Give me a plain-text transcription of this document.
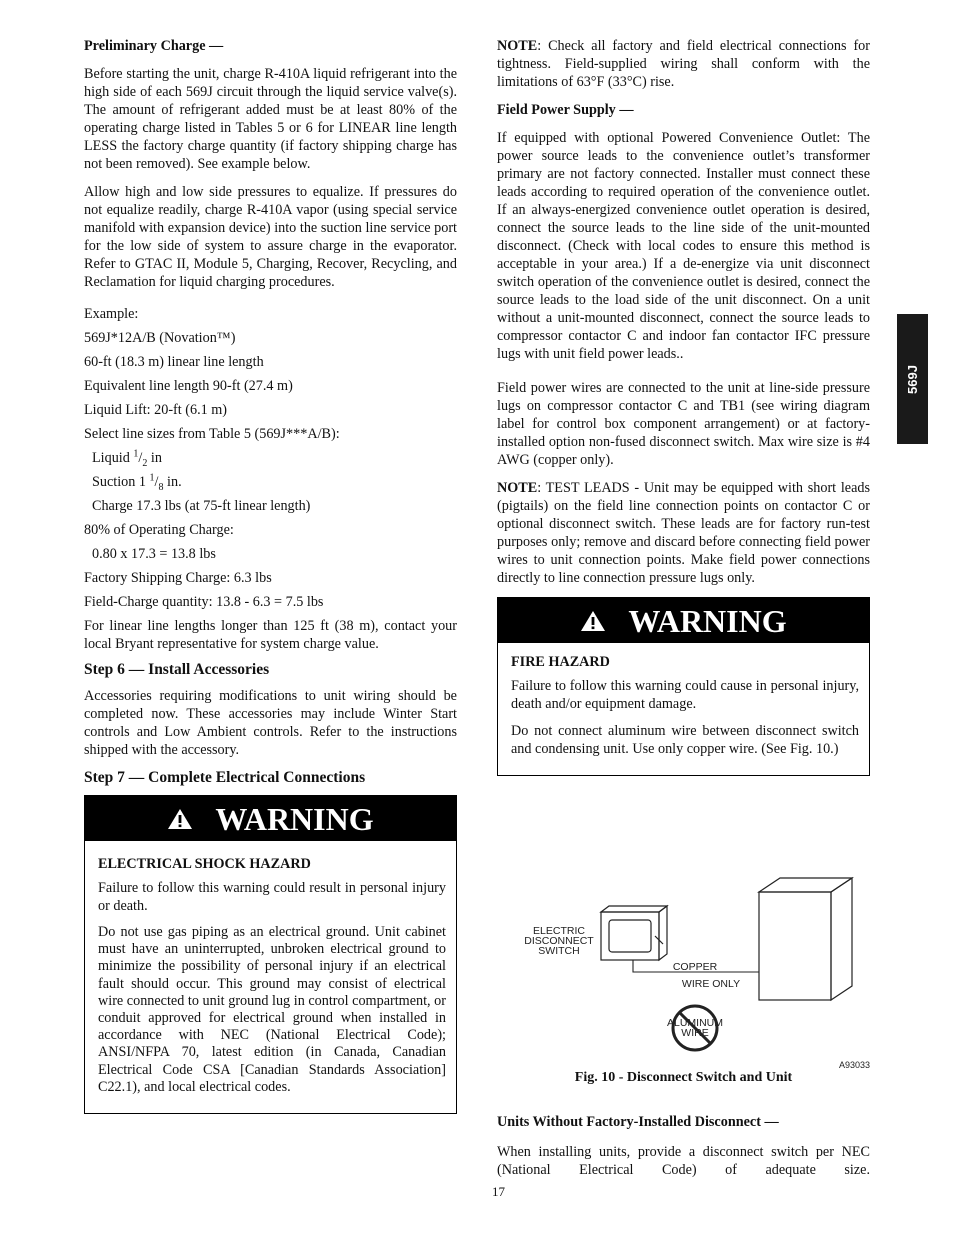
Preliminary Charge —

Before starting the unit, charge R-410A liquid refrigerant into the high side of each 569J circuit through the liquid service valve(s). The amount of refrigerant added must be at least 80% of the operating charge listed in Tables 5 or 6 for LINEAR line length LESS the factory charge quantity (if factory shipping charge has not been removed). See example below.

Allow high and low side pressures to equalize. If pressures do not equalize readily, charge R-410A vapor (using special service manifold with expansion device) into the suction line service port for the low side of system to assure charge in the evaporator. Refer to GTAC II, Module 5, Charging, Recover, Recycling, and Reclamation for liquid charging procedures.

Example:

569J*12A/B (Novation™)

60-ft (18.3 m) linear line length

Equivalent line length 90-ft (27.4 m)

Liquid Lift: 20-ft (6.1 m)

Select line sizes from Table 5 (569J***A/B):

Liquid $^1/_2$ in

Suction 1 $^1/_8$ in.

Charge 17.3 lbs (at 75-ft linear length)

80% of Operating Charge:

0.80 x 17.3 = 13.8 lbs

Factory Shipping Charge: 6.3 lbs

Field-Charge quantity: 13.8 - 6.3 = 7.5 lbs

For linear line lengths longer than 125 ft (38 m), contact your local Bryant representative for system charge value.

Step 6 — Install Accessories

Accessories requiring modifications to unit wiring should be completed now. These accessories may include Winter Start controls and Low Ambient controls. Refer to the instructions shipped with the accessory.

Step 7 — Complete Electrical Connections
WARNING
ELECTRICAL SHOCK HAZARD

Failure to follow this warning could result in personal injury or death.

Do not use gas piping as an electrical ground. Unit cabinet must have an uninterrupted, unbroken electrical ground to minimize the possibility of personal injury if an electrical fault should occur. This ground may consist of electrical wire connected to unit ground lug in control compartment, or conduit approved for electrical ground when installed in accordance with NEC (National Electrical Code); ANSI/NFPA 70, latest edition (in Canada, Canadian Electrical Code CSA [Canadian Standards Association] C22.1), and local electrical codes.

NOTE: Check all factory and field electrical connections for tightness. Field-supplied wiring shall conform with the limitations of 63°F (33°C) rise.

Field Power Supply —

If equipped with optional Powered Convenience Outlet: The power source leads to the convenience outlet’s transformer primary are not factory connected. Installer must connect these leads according to required operation of the convenience outlet. If an always-energized convenience outlet operation is desired, connect the source leads to the line side of the unit-mounted disconnect. (Check with local codes to ensure this method is acceptable in your area.) If a de-energize via unit disconnect switch operation of the convenience outlet is desired, connect the source leads to the load side of the unit disconnect. On a unit without a unit-mounted disconnect, connect the source leads to compressor contactor C and indoor fan contactor IFC pressure lugs with unit field power leads..

Field power wires are connected to the unit at line-side pressure lugs on compressor contactor C and TB1 (see wiring diagram label for control box component arrangement) or at factory-installed option non-fused disconnect switch. Max wire size is #4 AWG (copper only).

NOTE: TEST LEADS - Unit may be equipped with short leads (pigtails) on the field line connection points on contactor C or optional disconnect switch. These leads are for factory run-test purposes only; remove and discard before connecting field power wires to unit connection points. Make field power connections directly to line connection pressure lugs only.

WARNING
FIRE HAZARD

Failure to follow this warning could cause in personal injury, death and/or equipment damage.

Do not connect aluminum wire between disconnect switch and condensing unit. Use only copper wire. (See Fig. 10.)

ELECTRIC
DISCONNECT
SWITCH
COPPER
WIRE ONLY
ALUMINUM
WIRE
A93033
Fig. 10 - Disconnect Switch and Unit
Units Without Factory-Installed Disconnect —

When installing units, provide a disconnect switch per NEC (National Electrical Code) of adequate size.

569J
17
